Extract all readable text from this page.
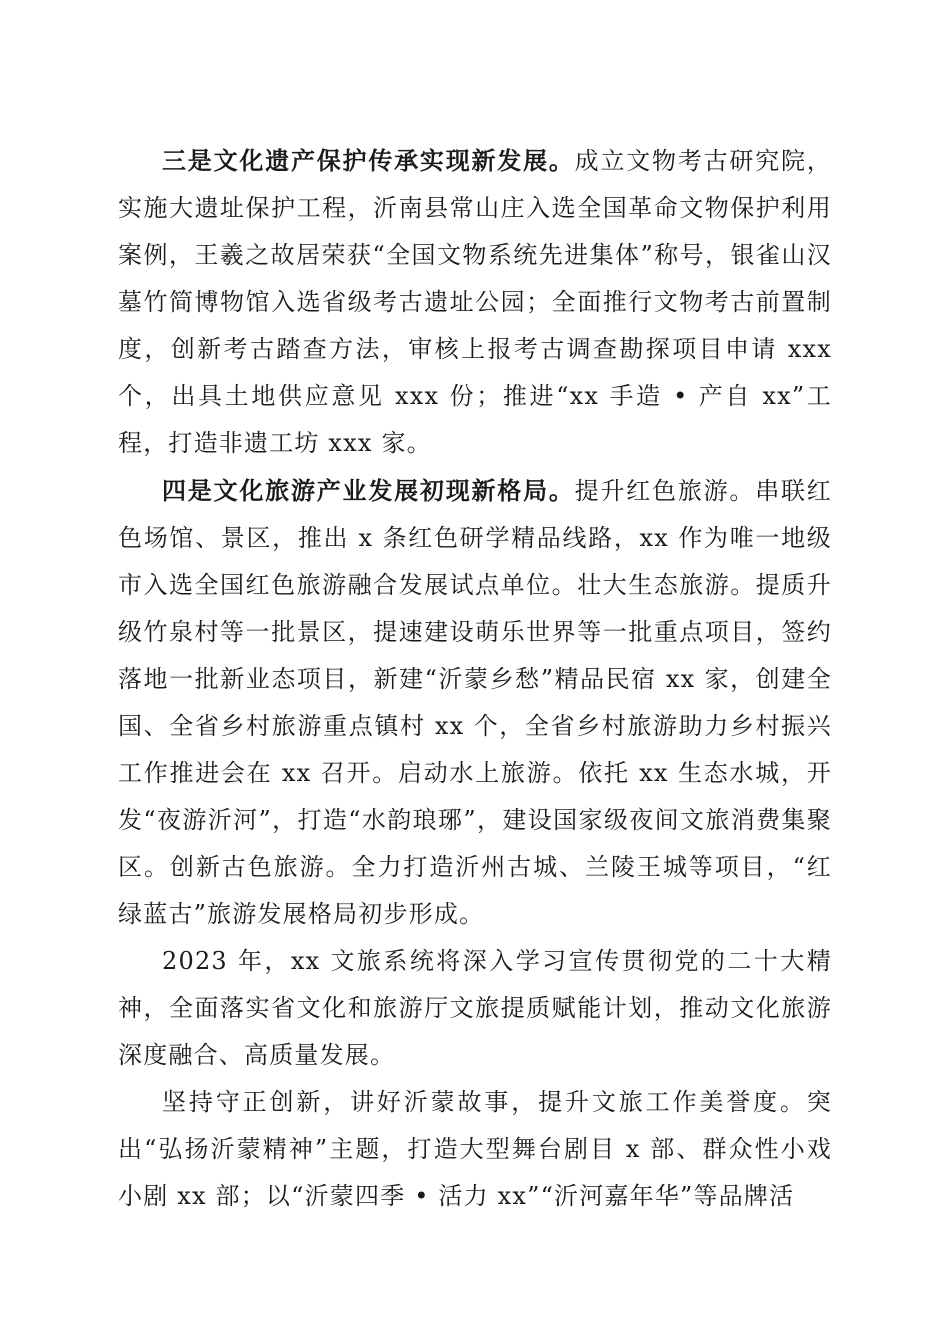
三是文化遗产保护传承实现新发展。成立文物考古研究院，实施大遗址保护工程，沂南县常山庄入选全国革命文物保护利用案例，王羲之故居荣获“全国文物系统先进集体”称号，银雀山汉墓竹简博物馆入选省级考古遗址公园；全面推行文物考古前置制度，创新考古踏查方法，审核上报考古调查勘探项目申请 xxx 个，出具土地供应意见 xxx 份；推进“xx 手造 • 产自 xx”工程，打造非遗工坊 xxx 家。

四是文化旅游产业发展初现新格局。提升红色旅游。串联红色场馆、景区，推出 x 条红色研学精品线路，xx 作为唯一地级市入选全国红色旅游融合发展试点单位。壮大生态旅游。提质升级竹泉村等一批景区，提速建设萌乐世界等一批重点项目，签约落地一批新业态项目，新建“沂蒙乡愁”精品民宿 xx 家，创建全国、全省乡村旅游重点镇村 xx 个，全省乡村旅游助力乡村振兴工作推进会在 xx 召开。启动水上旅游。依托 xx 生态水城，开发“夜游沂河”，打造“水韵琅琊”，建设国家级夜间文旅消费集聚区。创新古色旅游。全力打造沂州古城、兰陵王城等项目，“红绿蓝古”旅游发展格局初步形成。

2023 年，xx 文旅系统将深入学习宣传贯彻党的二十大精神，全面落实省文化和旅游厅文旅提质赋能计划，推动文化旅游深度融合、高质量发展。

坚持守正创新，讲好沂蒙故事，提升文旅工作美誉度。突出“弘扬沂蒙精神”主题，打造大型舞台剧目 x 部、群众性小戏小剧 xx 部；以“沂蒙四季 • 活力 xx”“沂河嘉年华”等品牌活
